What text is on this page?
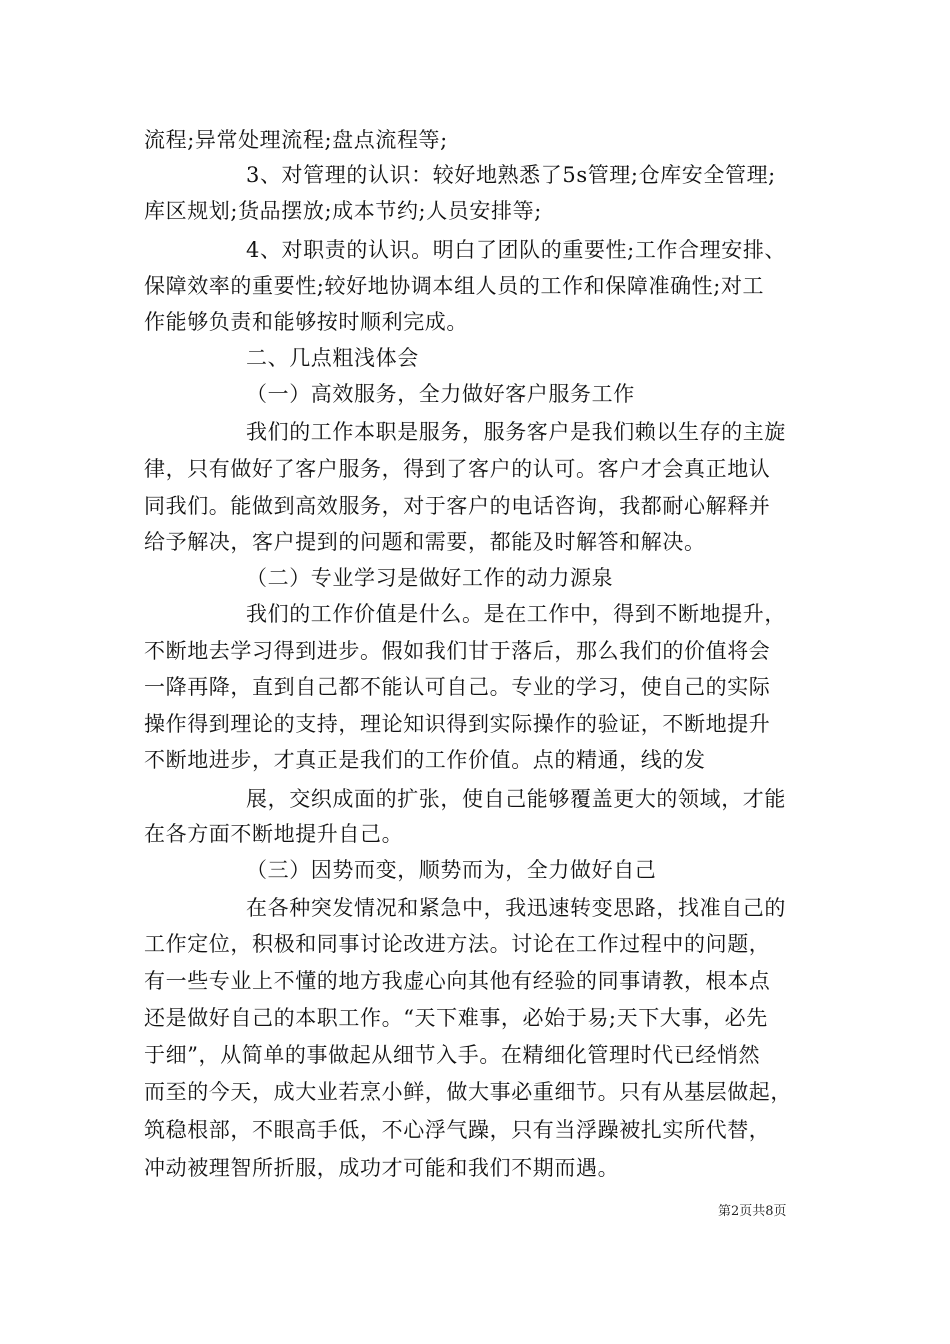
流程;异常处理流程;盘点流程等;
3、对管理的认识：较好地熟悉了5s管理;仓库安全管理;
库区规划;货品摆放;成本节约;人员安排等;
4、对职责的认识。明白了团队的重要性;工作合理安排、
保障效率的重要性;较好地协调本组人员的工作和保障准确性;对工
作能够负责和能够按时顺利完成。
二、几点粗浅体会
（一）高效服务，全力做好客户服务工作
我们的工作本职是服务，服务客户是我们赖以生存的主旋
律，只有做好了客户服务，得到了客户的认可。客户才会真正地认
同我们。能做到高效服务，对于客户的电话咨询，我都耐心解释并
给予解决，客户提到的问题和需要，都能及时解答和解决。
（二）专业学习是做好工作的动力源泉
我们的工作价值是什么。是在工作中，得到不断地提升，
不断地去学习得到进步。假如我们甘于落后，那么我们的价值将会
一降再降，直到自己都不能认可自己。专业的学习，使自己的实际
操作得到理论的支持，理论知识得到实际操作的验证，不断地提升
不断地进步，才真正是我们的工作价值。点的精通，线的发
展，交织成面的扩张，使自己能够覆盖更大的领域，才能
在各方面不断地提升自己。
（三）因势而变，顺势而为，全力做好自己
在各种突发情况和紧急中，我迅速转变思路，找准自己的
工作定位，积极和同事讨论改进方法。讨论在工作过程中的问题，
有一些专业上不懂的地方我虚心向其他有经验的同事请教，根本点
还是做好自己的本职工作。“天下难事，必始于易;天下大事，必先
于细”，从简单的事做起从细节入手。在精细化管理时代已经悄然
而至的今天，成大业若烹小鲜，做大事必重细节。只有从基层做起，
筑稳根部，不眼高手低，不心浮气躁，只有当浮躁被扎实所代替，
冲动被理智所折服，成功才可能和我们不期而遇。
第2页共8页
